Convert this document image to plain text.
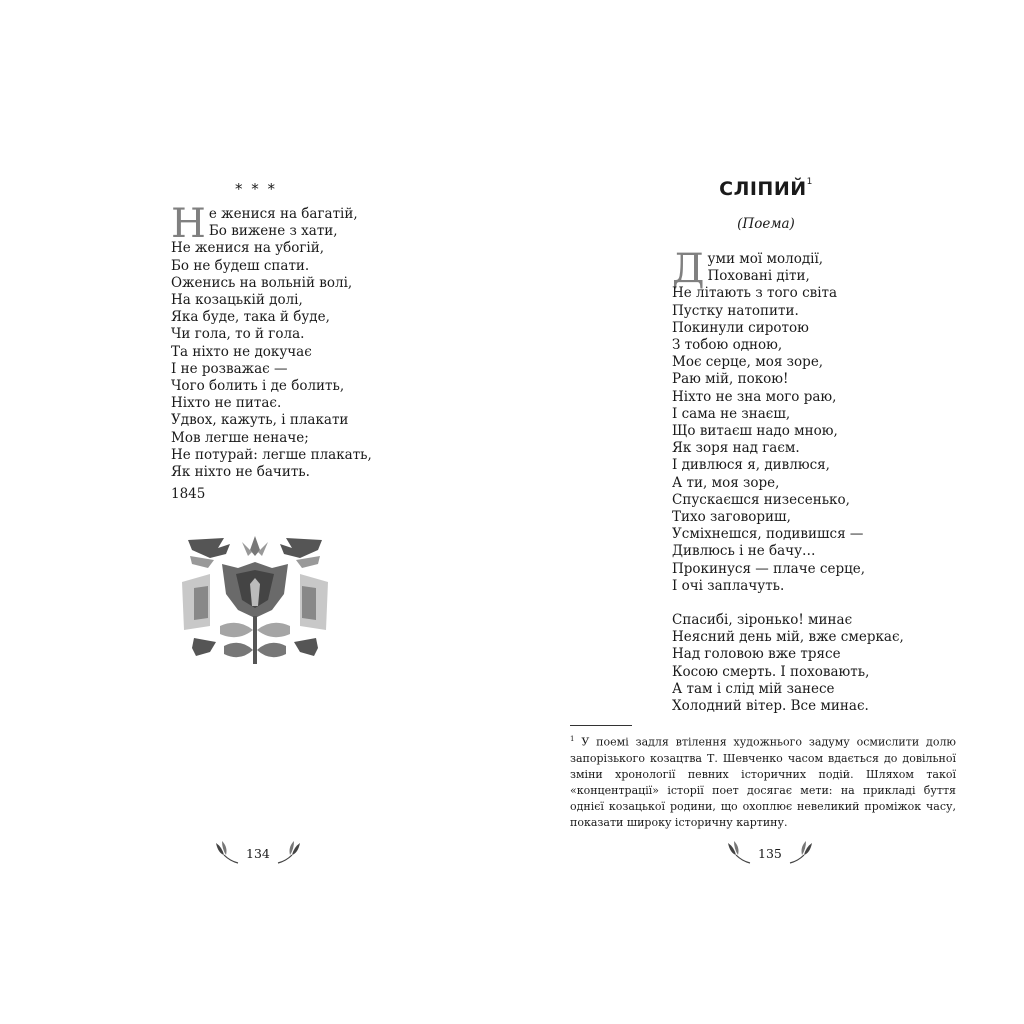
* * *
Не женися на багатій,
Бо вижене з хати,
Не женися на убогій,
Бо не будеш спати.
Оженись на вольній волі,
На козацькій долі,
Яка буде, така й буде,
Чи гола, то й гола.
Та ніхто не докучає
І не розважає —
Чого болить і де болить,
Ніхто не питає.
Удвох, кажуть, і плакати
Мов легше неначе;
Не потурай: легше плакать,
Як ніхто не бачить.
1845
134
СЛІПИЙ$^1$
(Поема)
Думи мої молодії,
Поховані діти,
Не літають з того світа
Пустку натопити.
Покинули сиротою
З тобою одною,
Моє серце, моя зоре,
Раю мій, покою!
Ніхто не зна мого раю,
І сама не знаєш,
Що витаєш надо мною,
Як зоря над гаєм.
І дивлюся я, дивлюся,
А ти, моя зоре,
Спускаєшся низесенько,
Тихо заговориш,
Усміхнешся, подивишся —
Дивлюсь і не бачу…
Прокинуся — плаче серце,
І очі заплачуть.
Спасибі, зіронько! минає
Неясний день мій, вже смеркає,
Над головою вже трясе
Косою смерть. І поховають,
А там і слід мій занесе
Холодний вітер. Все минає.
$^1$ У поемі задля втілення художнього задуму осмислити долю запорізького козацтва Т. Шевченко часом вдається до довільної зміни хронології певних історичних подій. Шляхом такої «концентрації» історії поет досягає мети: на прикладі буття однієї козацької родини, що охоплює невеликий проміжок часу, показати широку історичну картину.
135
